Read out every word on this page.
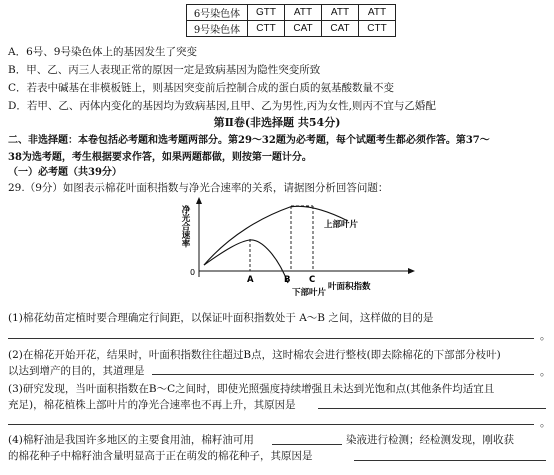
6号染色体	GTT	ATT	ATT	ATT
9号染色体	CTT	CAT	CAT	CTT
A．6号、9号染色体上的基因发生了突变
B．甲、乙、丙三人表现正常的原因一定是致病基因为隐性突变所致
C．若表中碱基在非模板链上，则基因突变前后控制合成的蛋白质的氨基酸数量不变
D．若甲、乙、丙体内变化的基因均为致病基因,且甲、乙为男性,丙为女性,则丙不宜与乙婚配
第Ⅱ卷(非选择题 共54分)
二、非选择题：本卷包括必考题和选考题两部分。第29～32题为必考题，每个试题考生都必须作答。第37～
38为选考题，考生根据要求作答，如果两题都做，则按第一题计分。
（一）必考题（共39分）
29.（9分）如图表示棉花叶面积指数与净光合速率的关系，请据图分析回答问题：
净光合速率
0
A	B C
上部叶片
下部叶片
叶面积指数
(1)棉花幼苗定植时要合理确定行间距，以保证叶面积指数处于 A～B 之间，这样做的目的是
。
(2)在棉花开始开花，结果时，叶面积指数往往超过B点，这时棉农会进行整枝(即去除棉花的下部部分枝叶)
以达到增产的目的，其道理是	。
(3)研究发现，当叶面积指数在B～C之间时，即使光照强度持续增强且未达到光饱和点(其他条件均适宜且
充足)，棉花植株上部叶片的净光合速率也不再上升，其原因是
。
(4)棉籽油是我国许多地区的主要食用油，棉籽油可用	染液进行检测；经检测发现，刚收获
的棉花种子中棉籽油含量明显高于正在萌发的棉花种子，其原因是
